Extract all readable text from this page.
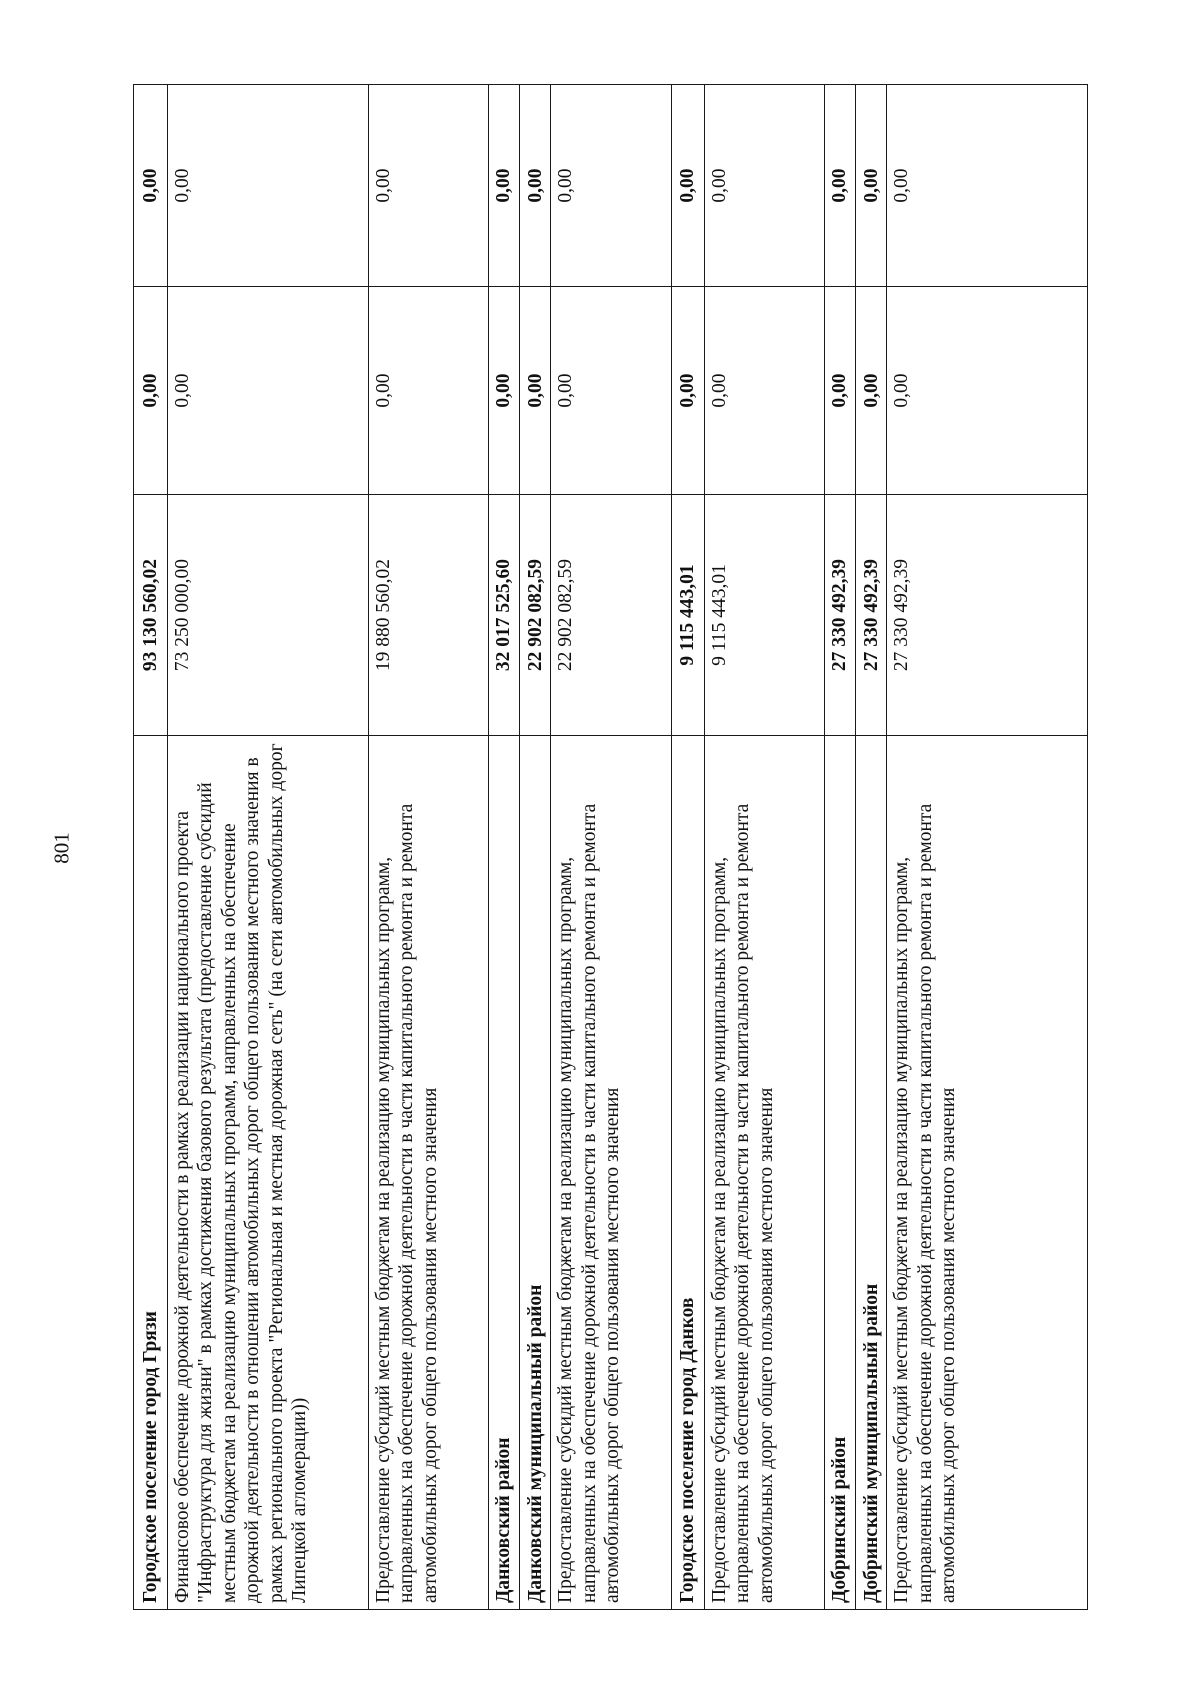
801
Городское поселение город Грязи	93 130 560,02	0,00	0,00
Финансовое обеспечение дорожной деятельности в рамках реализации национального проекта "Инфраструктура для жизни" в рамках достижения базового результата (предоставление субсидий местным бюджетам на реализацию муниципальных программ, направленных на обеспечение дорожной деятельности в отношении автомобильных дорог общего пользования местного значения в рамках регионального проекта "Региональная и местная дорожная сеть" (на сети автомобильных дорог Липецкой агломерации))	73 250 000,00	0,00	0,00
Предоставление субсидий местным бюджетам на реализацию муниципальных программ, направленных на обеспечение дорожной деятельности в части капитального ремонта и ремонта автомобильных дорог общего пользования местного значения	19 880 560,02	0,00	0,00
Данковский район	32 017 525,60	0,00	0,00
Данковский муниципальный район	22 902 082,59	0,00	0,00
Предоставление субсидий местным бюджетам на реализацию муниципальных программ, направленных на обеспечение дорожной деятельности в части капитального ремонта и ремонта автомобильных дорог общего пользования местного значения	22 902 082,59	0,00	0,00
Городское поселение город Данков	9 115 443,01	0,00	0,00
Предоставление субсидий местным бюджетам на реализацию муниципальных программ, направленных на обеспечение дорожной деятельности в части капитального ремонта и ремонта автомобильных дорог общего пользования местного значения	9 115 443,01	0,00	0,00
Добринский район	27 330 492,39	0,00	0,00
Добринский муниципальный район	27 330 492,39	0,00	0,00
Предоставление субсидий местным бюджетам на реализацию муниципальных программ, направленных на обеспечение дорожной деятельности в части капитального ремонта и ремонта автомобильных дорог общего пользования местного значения	27 330 492,39	0,00	0,00
